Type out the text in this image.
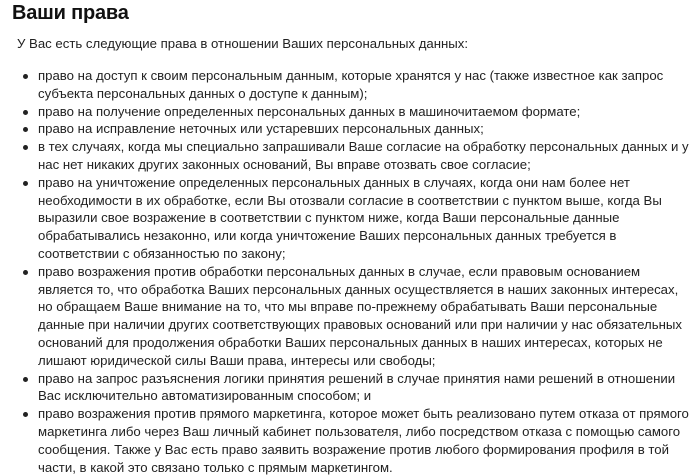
Ваши права

У Вас есть следующие права в отношении Ваших персональных данных:

право на доступ к своим персональным данным, которые хранятся у нас (также известное как запрос субъекта персональных данных о доступе к данным);
право на получение определенных персональных данных в машиночитаемом формате;
право на исправление неточных или устаревших персональных данных;
в тех случаях, когда мы специально запрашивали Ваше согласие на обработку персональных данных и у нас нет никаких других законных оснований, Вы вправе отозвать свое согласие;
право на уничтожение определенных персональных данных в случаях, когда они нам более нет необходимости в их обработке, если Вы отозвали согласие в соответствии с пунктом выше, когда Вы выразили свое возражение в соответствии с пунктом ниже, когда Ваши персональные данные обрабатывались незаконно, или когда уничтожение Ваших персональных данных требуется в соответствии с обязанностью по закону;
право возражения против обработки персональных данных в случае, если правовым основанием является то, что обработка Ваших персональных данных осуществляется в наших законных интересах, но обращаем Ваше внимание на то, что мы вправе по-прежнему обрабатывать Ваши персональные данные при наличии других соответствующих правовых оснований или при наличии у нас обязательных оснований для продолжения обработки Ваших персональных данных в наших интересах, которых не лишают юридической силы Ваши права, интересы или свободы;
право на запрос разъяснения логики принятия решений в случае принятия нами решений в отношении Вас исключительно автоматизированным способом; и
право возражения против прямого маркетинга, которое может быть реализовано путем отказа от прямого маркетинга либо через Ваш личный кабинет пользователя, либо посредством отказа с помощью самого сообщения. Также у Вас есть право заявить возражение против любого формирования профиля в той части, в какой это связано только с прямым маркетингом.
